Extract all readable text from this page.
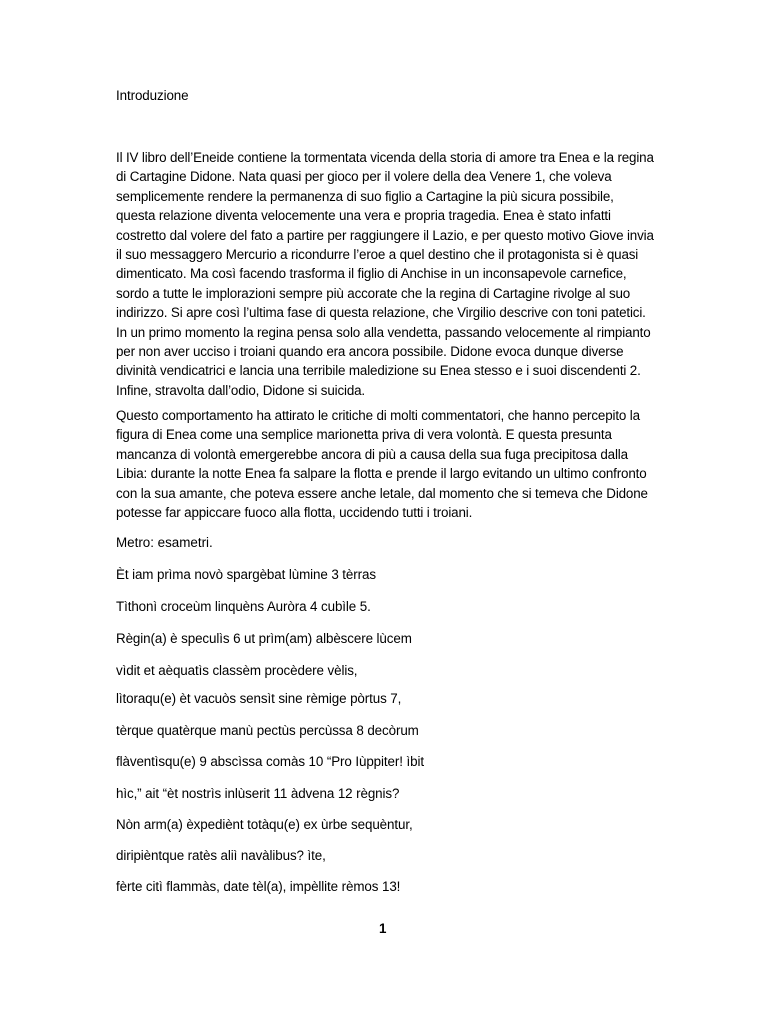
Introduzione

Il IV libro dell’Eneide contiene la tormentata vicenda della storia di amore tra Enea e la regina di Cartagine Didone. Nata quasi per gioco per il volere della dea Venere 1, che voleva semplicemente rendere la permanenza di suo figlio a Cartagine la più sicura possibile, questa relazione diventa velocemente una vera e propria tragedia. Enea è stato infatti costretto dal volere del fato a partire per raggiungere il Lazio, e per questo motivo Giove invia il suo messaggero Mercurio a ricondurre l’eroe a quel destino che il protagonista si è quasi dimenticato. Ma così facendo trasforma il figlio di Anchise in un inconsapevole carnefice, sordo a tutte le implorazioni sempre più accorate che la regina di Cartagine rivolge al suo indirizzo. Si apre così l’ultima fase di questa relazione, che Virgilio descrive con toni patetici. In un primo momento la regina pensa solo alla vendetta, passando velocemente al rimpianto per non aver ucciso i troiani quando era ancora possibile. Didone evoca dunque diverse divinità vendicatrici e lancia una terribile maledizione su Enea stesso e i suoi discendenti 2. Infine, stravolta dall’odio, Didone si suicida.

Questo comportamento ha attirato le critiche di molti commentatori, che hanno percepito la figura di Enea come una semplice marionetta priva di vera volontà. E questa presunta mancanza di volontà emergerebbe ancora di più a causa della sua fuga precipitosa dalla Libia: durante la notte Enea fa salpare la flotta e prende il largo evitando un ultimo confronto con la sua amante, che poteva essere anche letale, dal momento che si temeva che Didone potesse far appiccare fuoco alla flotta, uccidendo tutti i troiani.

Metro: esametri.

Èt iam prìma novò spargèbat lùmine 3 tèrras

Tìthonì croceùm linquèns Auròra 4 cubìle 5.

Règin(a) è speculìs 6 ut prìm(am) albèscere lùcem

vìdit et aèquatìs classèm procèdere vèlis,

lìtoraqu(e) èt vacuòs sensìt sine rèmige pòrtus 7,

tèrque quatèrque manù pectùs percùssa 8 decòrum

flàventìsqu(e) 9 abscìssa comàs 10 “Pro Iùppiter! ìbit

hìc,” ait “èt nostrìs inlùserit 11 àdvena 12 règnis?

Nòn arm(a) èxpediènt totàqu(e) ex ùrbe sequèntur,

diripièntque ratès aliì navàlibus? ìte,

fèrte citì flammàs, date tèl(a), impèllite rèmos 13!

1
